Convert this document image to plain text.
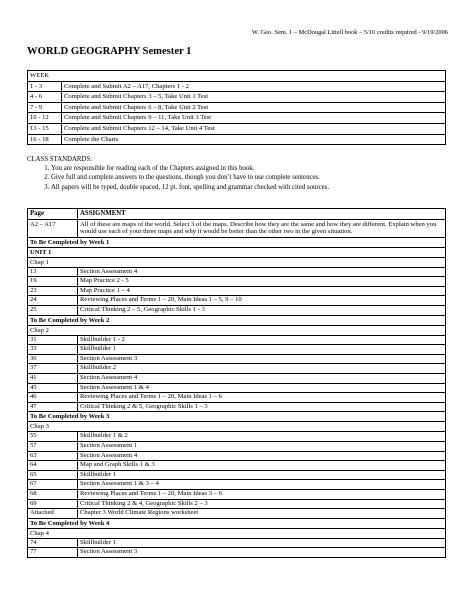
W. Geo. Sem. 1 – McDougal Littell book – 5/10 credits required - 9/19/2006
WORLD GEOGRAPHY Semester 1
WEEK	
1 - 3	Complete and Submit A2 – A17, Chapters 1 - 2
4 - 6	Complete and Submit Chapters 3 – 5, Take Unit 1 Test
7 - 9	Complete and Submit Chapters 6 – 8, Take Unit 2 Test
10 - 12	Complete and Submit Chapters 9 – 11, Take Unit 3 Test
13 - 15	Complete and Submit Chapters 12 – 14, Take Unit 4 Test
16 - 18	Complete the Charts
CLASS STANDARDS:
1. You are responsible for reading each of the Chapters assigned in this book.
2. Give full and complete answers to the questions, though you don’t have to use complete sentences.
3. All papers will be typed, double spaced, 12 pt. font, spelling and grammar checked with cited sources.
Page	ASSIGNMENT
A2 – A17	All of these are maps of the world. Select 3 of the maps. Describe how they are the same and how they are different. Explain when you would use each of your three maps and why it would be better than the other two in the given situation.
To Be Completed by Week 1	
UNIT 1	
Chap 1	
13	Section Assessment 4
19	Map Practice 2 - 5
23	Map Practice 1 – 4
24	Reviewing Places and Terms 1 – 20, Main Ideas 1 – 5, 9 – 10
25	Critical Thinking 2 – 5, Geographic Skills 1 - 3
To Be Completed by Week 2	
Chap 2	
31	Skillbuilder 1 - 2
33	Skillbuilder 1
36	Section Assessment 3
37	Skillbuilder 2
41	Section Assessment 4
45	Section Assessment 1 & 4
46	Reviewing Places and Terms 1 – 20, Main Ideas 1 – 6
47	Critical Thinking 2 & 5, Geographic Skills 1 – 3
To Be Completed by Week 3	
Chap 3	
55	Skillbuilder 1 & 2
57	Section Assessment 1
63	Section Assessment 4
64	Map and Graph Skills 1 & 3
65	Skillbuilder 1
67	Section Assessment 1 & 3 – 4
68	Reviewing Places and Terms 1 – 20, Main Ideas 3 – 6
69	Critical Thinking 2 & 4, Geographic Skills 2 – 3
Attached	Chapter 3 World Climate Regions worksheet
To Be Completed by Week 4	
Chap 4	
74	Skillbuilder 1
77	Section Assessment 3
